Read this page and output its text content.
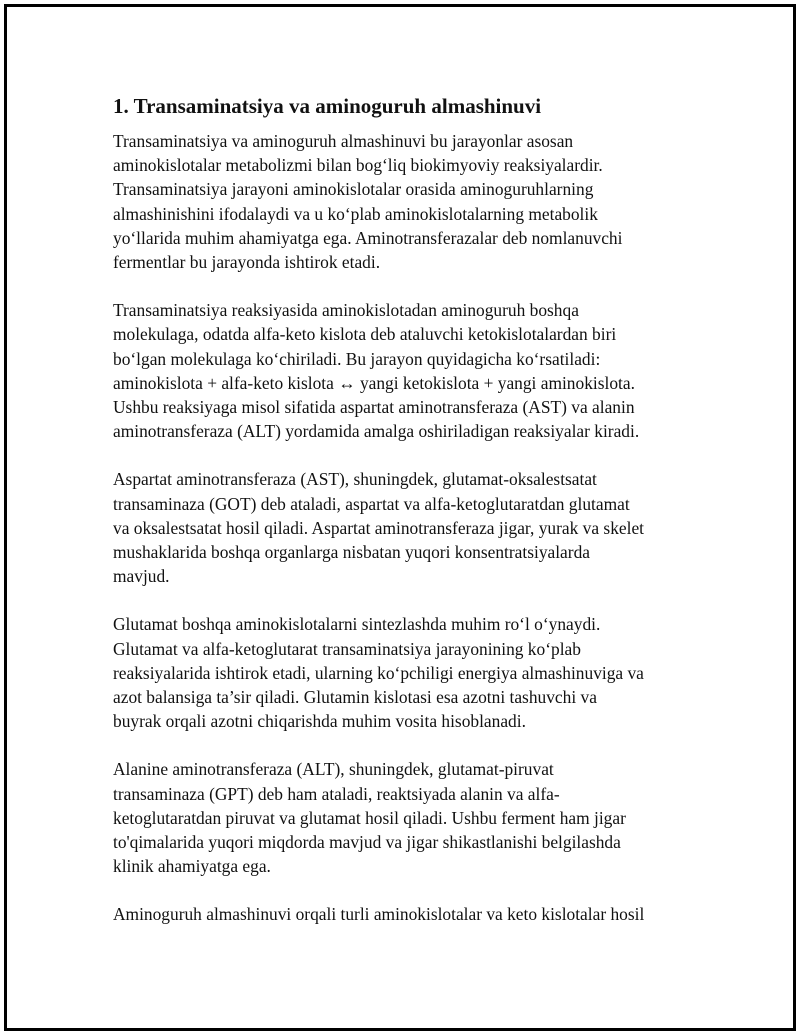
1. Transaminatsiya va aminoguruh almashinuvi
Transaminatsiya va aminoguruh almashinuvi bu jarayonlar asosan
aminokislotalar metabolizmi bilan bog‘liq biokimyoviy reaksiyalardir.
Transaminatsiya jarayoni aminokislotalar orasida aminoguruhlarning
almashinishini ifodalaydi va u ko‘plab aminokislotalarning metabolik
yo‘llarida muhim ahamiyatga ega. Aminotransferazalar deb nomlanuvchi
fermentlar bu jarayonda ishtirok etadi.
Transaminatsiya reaksiyasida aminokislotadan aminoguruh boshqa
molekulaga, odatda alfa-keto kislota deb ataluvchi ketokislotalardan biri
bo‘lgan molekulaga ko‘chiriladi. Bu jarayon quyidagicha ko‘rsatiladi:
aminokislota + alfa-keto kislota ↔ yangi ketokislota + yangi aminokislota.
Ushbu reaksiyaga misol sifatida aspartat aminotransferaza (AST) va alanin
aminotransferaza (ALT) yordamida amalga oshiriladigan reaksiyalar kiradi.
Aspartat aminotransferaza (AST), shuningdek, glutamat-oksalestsatat
transaminaza (GOT) deb ataladi, aspartat va alfa-ketoglutaratdan glutamat
va oksalestsatat hosil qiladi. Aspartat aminotransferaza jigar, yurak va skelet
mushaklarida boshqa organlarga nisbatan yuqori konsentratsiyalarda
mavjud.
Glutamat boshqa aminokislotalarni sintezlashda muhim ro‘l o‘ynaydi.
Glutamat va alfa-ketoglutarat transaminatsiya jarayonining ko‘plab
reaksiyalarida ishtirok etadi, ularning ko‘pchiligi energiya almashinuviga va
azot balansiga ta’sir qiladi. Glutamin kislotasi esa azotni tashuvchi va
buyrak orqali azotni chiqarishda muhim vosita hisoblanadi.
Alanine aminotransferaza (ALT), shuningdek, glutamat-piruvat
transaminaza (GPT) deb ham ataladi, reaktsiyada alanin va alfa-
ketoglutaratdan piruvat va glutamat hosil qiladi. Ushbu ferment ham jigar
to'qimalarida yuqori miqdorda mavjud va jigar shikastlanishi belgilashda
klinik ahamiyatga ega.
Aminoguruh almashinuvi orqali turli aminokislotalar va keto kislotalar hosil
